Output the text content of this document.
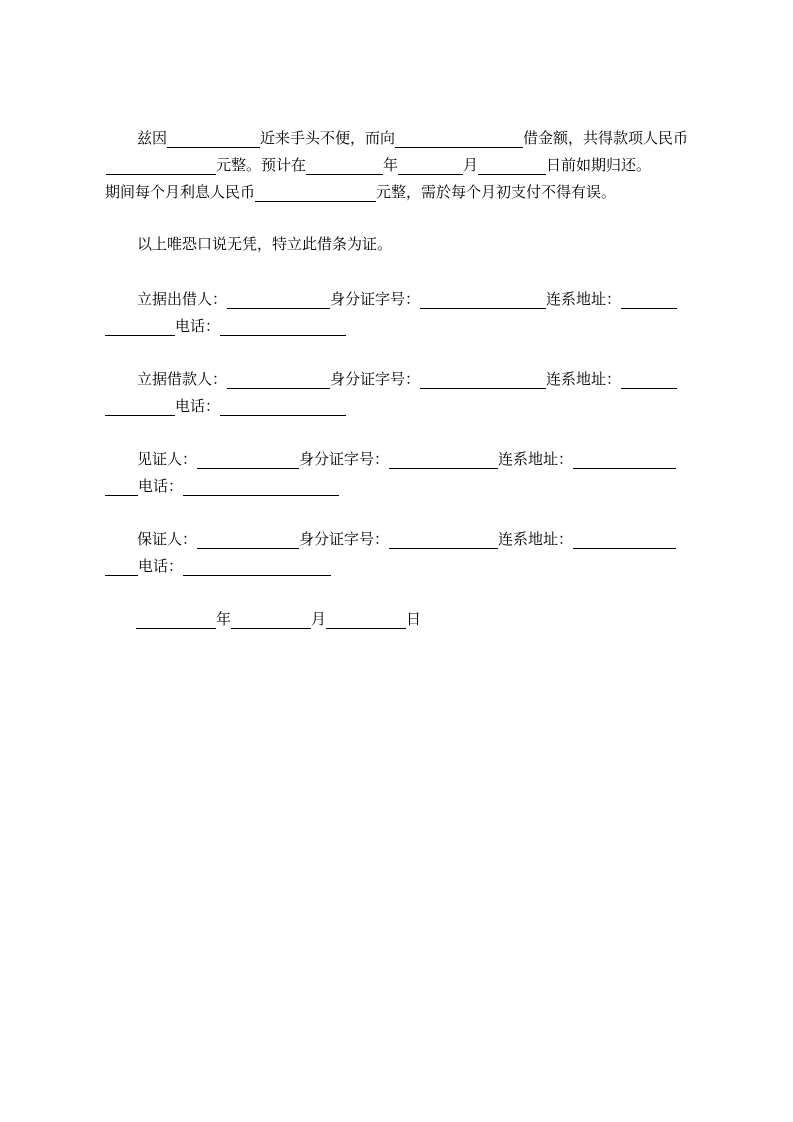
兹因	近来手头不便，而向	借金额，共得款项人民币
元整。预计在	年	月	日前如期归还。
期间每个月利息人民币	元整，需於每个月初支付不得有误。
以上唯恐口说无凭，特立此借条为证。
立据出借人：	身分证字号：	连系地址：
电话：
立据借款人：	身分证字号：	连系地址：
电话：
见证人：	身分证字号：	连系地址：
电话：
保证人：	身分证字号：	连系地址：
电话：
年	月	日
